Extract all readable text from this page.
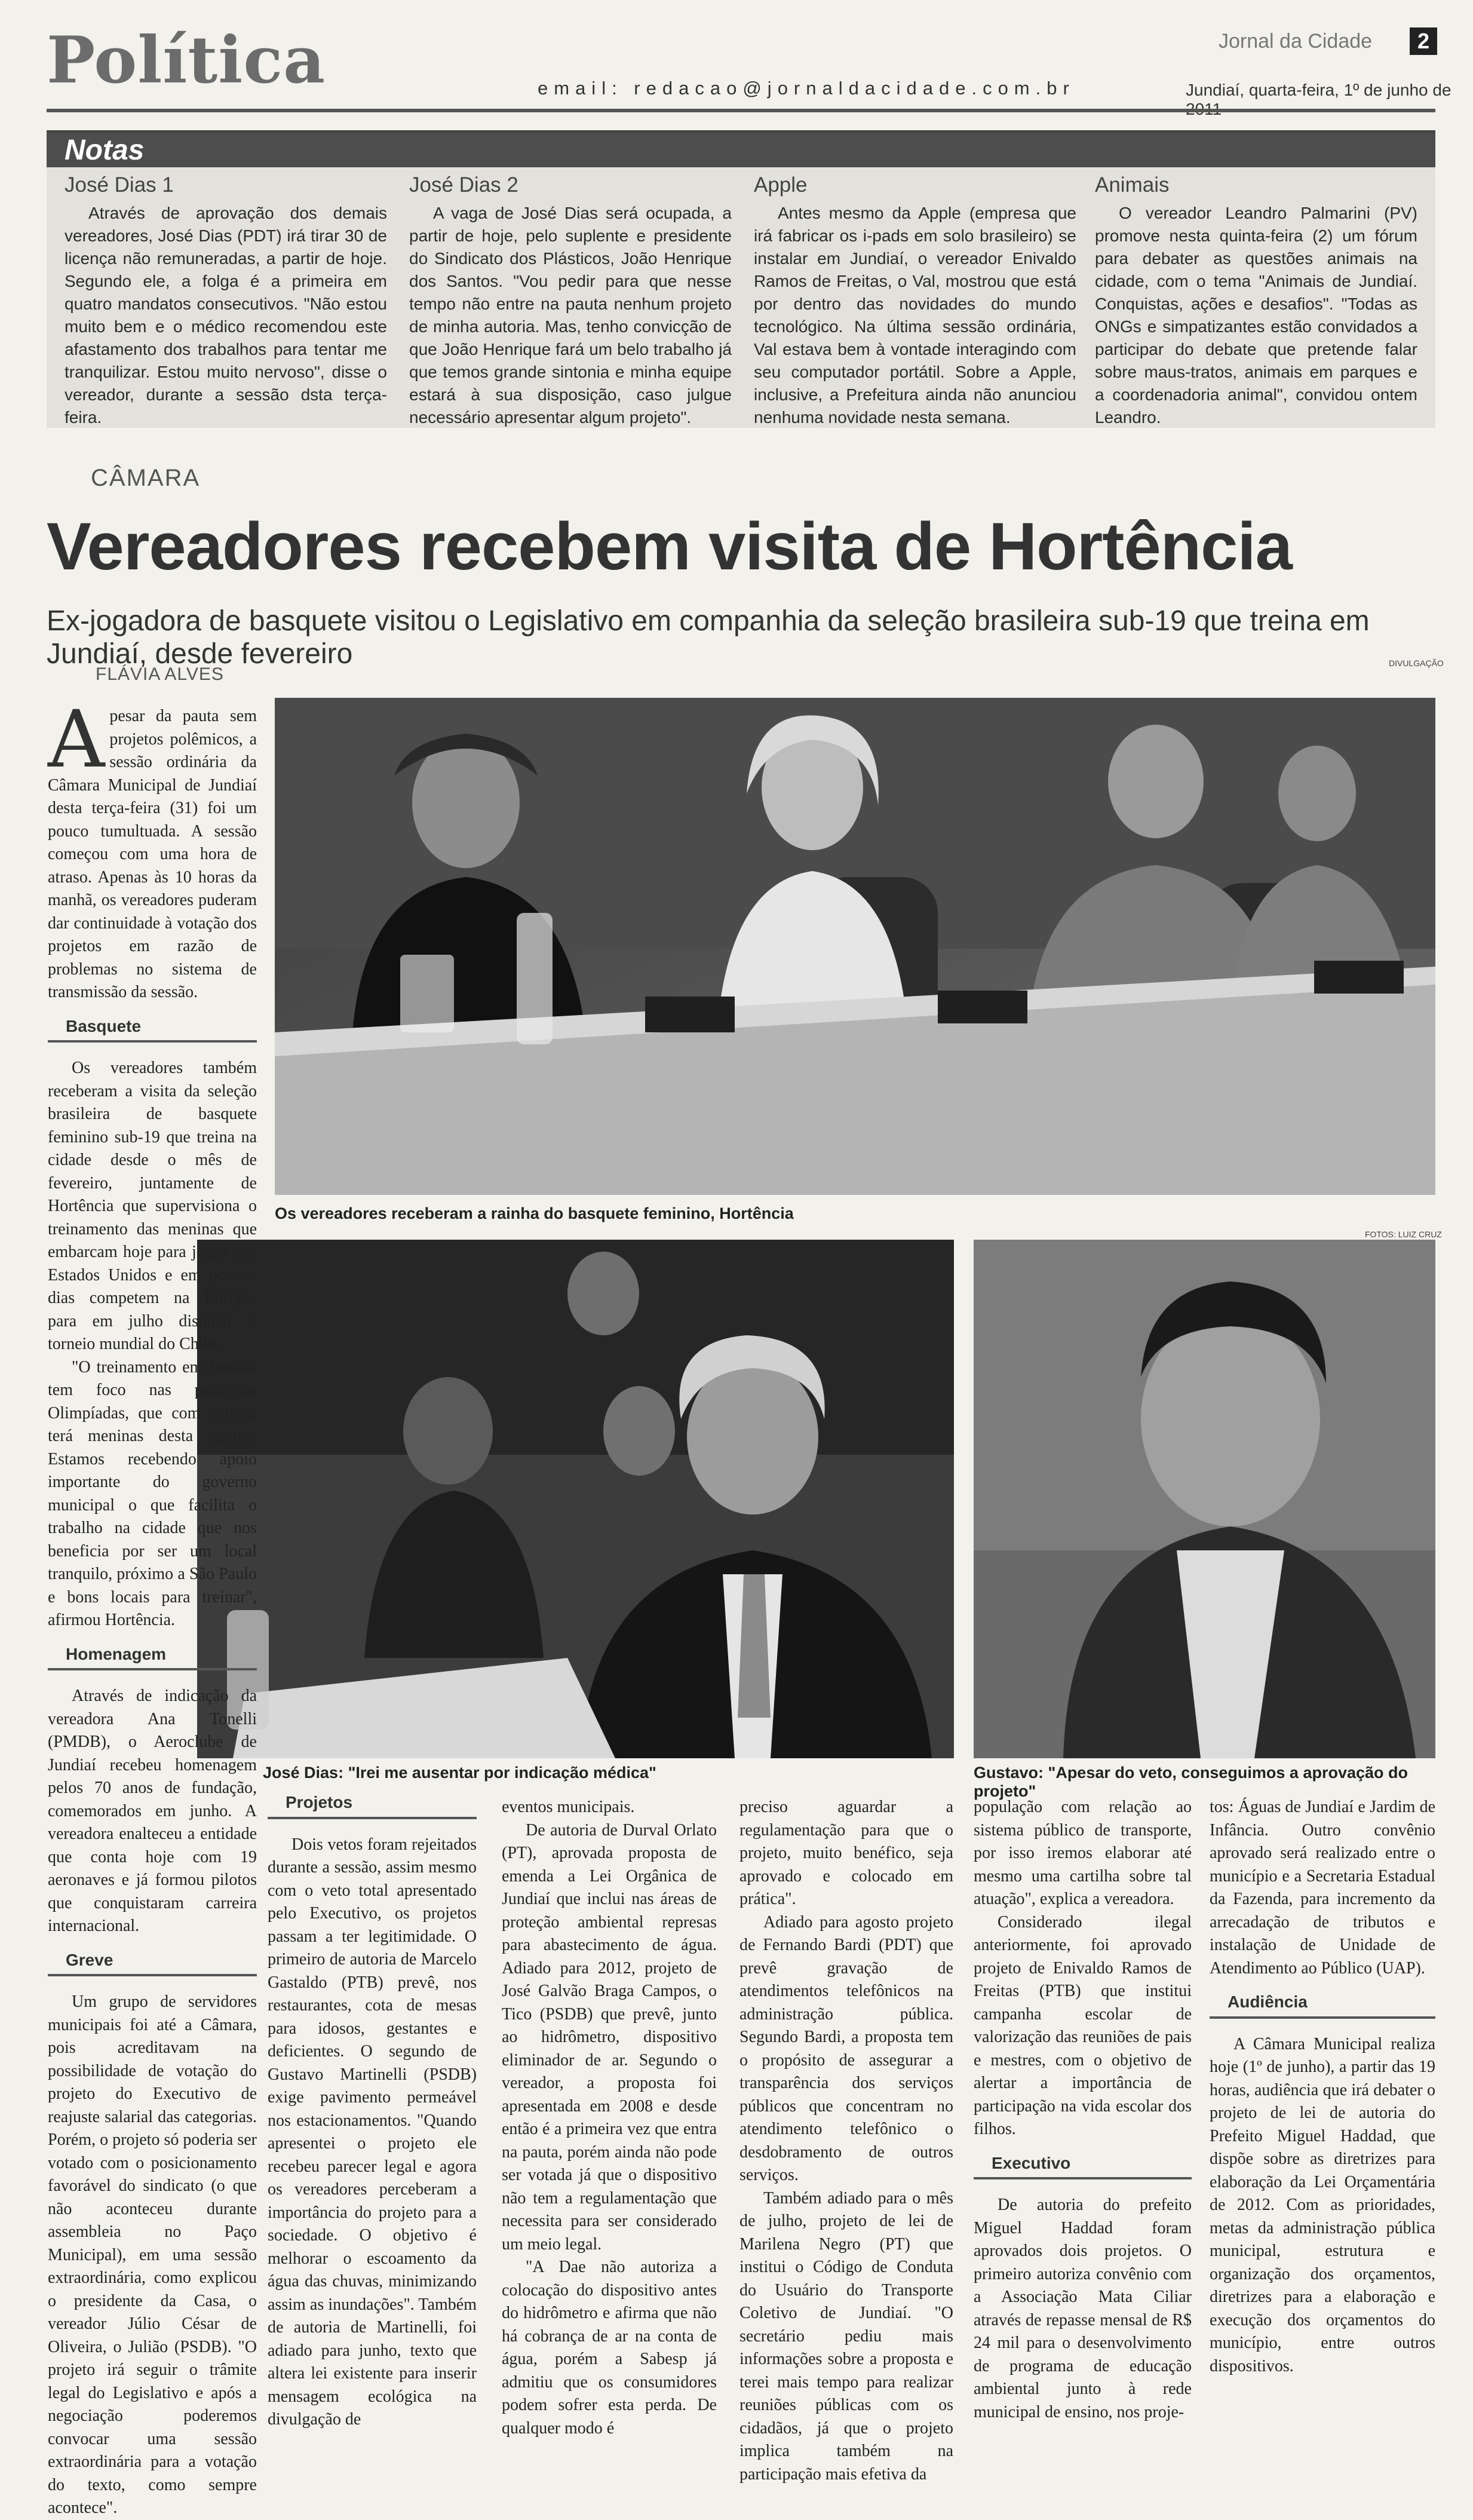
Política	email: redacao@jornaldacidade.com.br
Jornal da Cidade	2
Jundiaí, quarta-feira, 1º de junho de
Notas
José Dias 1

Através de aprovação dos demais vereadores, José Dias (PDT) irá tirar 30 de licença não remuneradas, a partir de hoje. Segundo ele, a folga é a primeira em quatro mandatos consecutivos. "Não estou muito bem e o médico recomendou este afastamento dos trabalhos para tentar me tranquilizar. Estou muito nervoso", disse o vereador, durante a sessão dsta terça-feira.

José Dias 2

A vaga de José Dias será ocupada, a partir de hoje, pelo suplente e presidente do Sindicato dos Plásticos, João Henrique dos Santos. "Vou pedir para que nesse tempo não entre na pauta nenhum projeto de minha autoria. Mas, tenho convicção de que João Henrique fará um belo trabalho já que temos grande sintonia e minha equipe estará à sua disposição, caso julgue necessário apresentar algum projeto".

Apple

Antes mesmo da Apple (empresa que irá fabricar os i-pads em solo brasileiro) se instalar em Jundiaí, o vereador Enivaldo Ramos de Freitas, o Val, mostrou que está por dentro das novidades do mundo tecnológico. Na última sessão ordinária, Val estava bem à vontade interagindo com seu computador portátil. Sobre a Apple, inclusive, a Prefeitura ainda não anunciou nenhuma novidade nesta semana.

Animais

O vereador Leandro Palmarini (PV) promove nesta quinta-feira (2) um fórum para debater as questões animais na cidade, com o tema "Animais de Jundiaí. Conquistas, ações e desafios". "Todas as ONGs e simpatizantes estão convidados a participar do debate que pretende falar sobre maus-tratos, animais em parques e a coordenadoria animal", convidou ontem Leandro.

CÂMARA
Vereadores recebem visita de Hortência
Ex-jogadora de basquete visitou o Legislativo em companhia da seleção brasileira sub-19 que treina em Jundiaí, desde fevereiro
FLÁVIA ALVES
DIVULGAÇÃO
Os vereadores receberam a rainha do basquete feminino, Hortência
FOTOS: LUIZ CRUZ
José Dias: "Irei me ausentar por indicação médica"	Gustavo: "Apesar do veto, conseguimos a aprovação do projeto"
Apesar da pauta sem projetos polêmicos, a sessão ordinária da Câmara Municipal de Jundiaí desta terça-feira (31) foi um pouco tumultuada. A sessão começou com uma hora de atraso. Apenas às 10 horas da manhã, os vereadores puderam dar continuidade à votação dos projetos em razão de problemas no sistema de transmissão da sessão.
Basquete

Os vereadores também receberam a visita da seleção brasileira de basquete feminino sub-19 que treina na cidade desde o mês de fevereiro, juntamente de Hortência que supervisiona o treinamento das meninas que embarcam hoje para jogos nos Estados Unidos e em poucos dias competem na Europa, para em julho disputar o torneio mundial do Chile.

"O treinamento em Jundiaí tem foco nas próximas Olimpíadas, que com certeza terá meninas desta equipe. Estamos recebendo apoio importante do governo municipal o que facilita o trabalho na cidade que nos beneficia por ser um local tranquilo, próximo a São Paulo e bons locais para treinar", afirmou Hortência.

Homenagem

Através de indicação da vereadora Ana Tonelli (PMDB), o Aeroclube de Jundiaí recebeu homenagem pelos 70 anos de fundação, comemorados em junho. A vereadora enalteceu a entidade que conta hoje com 19 aeronaves e já formou pilotos que conquistaram carreira internacional.

Greve

Um grupo de servidores municipais foi até a Câmara, pois acreditavam na possibilidade de votação do projeto do Executivo de reajuste salarial das categorias. Porém, o projeto só poderia ser votado com o posicionamento favorável do sindicato (o que não aconteceu durante assembleia no Paço Municipal), em uma sessão extraordinária, como explicou o presidente da Casa, o vereador Júlio César de Oliveira, o Julião (PSDB). "O projeto irá seguir o trâmite legal do Legislativo e após a negociação poderemos convocar uma sessão extraordinária para a votação do texto, como sempre acontece".

Projetos

Dois vetos foram rejeitados durante a sessão, assim mesmo com o veto total apresentado pelo Executivo, os projetos passam a ter legitimidade. O primeiro de autoria de Marcelo Gastaldo (PTB) prevê, nos restaurantes, cota de mesas para idosos, gestantes e deficientes. O segundo de Gustavo Martinelli (PSDB) exige pavimento permeável nos estacionamentos. "Quando apresentei o projeto ele recebeu parecer legal e agora os vereadores perceberam a importância do projeto para a sociedade. O objetivo é melhorar o escoamento da água das chuvas, minimizando assim as inundações". Também de autoria de Martinelli, foi adiado para junho, texto que altera lei existente para inserir mensagem ecológica na divulgação de

eventos municipais.

De autoria de Durval Orlato (PT), aprovada proposta de emenda a Lei Orgânica de Jundiaí que inclui nas áreas de proteção ambiental represas para abastecimento de água. Adiado para 2012, projeto de José Galvão Braga Campos, o Tico (PSDB) que prevê, junto ao hidrômetro, dispositivo eliminador de ar. Segundo o vereador, a proposta foi apresentada em 2008 e desde então é a primeira vez que entra na pauta, porém ainda não pode ser votada já que o dispositivo não tem a regulamentação que necessita para ser considerado um meio legal.

"A Dae não autoriza a colocação do dispositivo antes do hidrômetro e afirma que não há cobrança de ar na conta de água, porém a Sabesp já admitiu que os consumidores podem sofrer esta perda. De qualquer modo é

preciso aguardar a regulamentação para que o projeto, muito benéfico, seja aprovado e colocado em prática".

Adiado para agosto projeto de Fernando Bardi (PDT) que prevê gravação de atendimentos telefônicos na administração pública. Segundo Bardi, a proposta tem o propósito de assegurar a transparência dos serviços públicos que concentram no atendimento telefônico o desdobramento de outros serviços.

Também adiado para o mês de julho, projeto de lei de Marilena Negro (PT) que institui o Código de Conduta do Usuário do Transporte Coletivo de Jundiaí. "O secretário pediu mais informações sobre a proposta e terei mais tempo para realizar reuniões públicas com os cidadãos, já que o projeto implica também na participação mais efetiva da

população com relação ao sistema público de transporte, por isso iremos elaborar até mesmo uma cartilha sobre tal atuação", explica a vereadora.

Considerado ilegal anteriormente, foi aprovado projeto de Enivaldo Ramos de Freitas (PTB) que institui campanha escolar de valorização das reuniões de pais e mestres, com o objetivo de alertar a importância de participação na vida escolar dos filhos.

Executivo

De autoria do prefeito Miguel Haddad foram aprovados dois projetos. O primeiro autoriza convênio com a Associação Mata Ciliar através de repasse mensal de R$ 24 mil para o desenvolvimento de programa de educação ambiental junto à rede municipal de ensino, nos proje-

tos: Águas de Jundiaí e Jardim de Infância. Outro convênio aprovado será realizado entre o município e a Secretaria Estadual da Fazenda, para incremento da arrecadação de tributos e instalação de Unidade de Atendimento ao Público (UAP).

Audiência

A Câmara Municipal realiza hoje (1º de junho), a partir das 19 horas, audiência que irá debater o projeto de lei de autoria do Prefeito Miguel Haddad, que dispõe sobre as diretrizes para elaboração da Lei Orçamentária de 2012. Com as prioridades, metas da administração pública municipal, estrutura e organização dos orçamentos, diretrizes para a elaboração e execução dos orçamentos do município, entre outros dispositivos.
